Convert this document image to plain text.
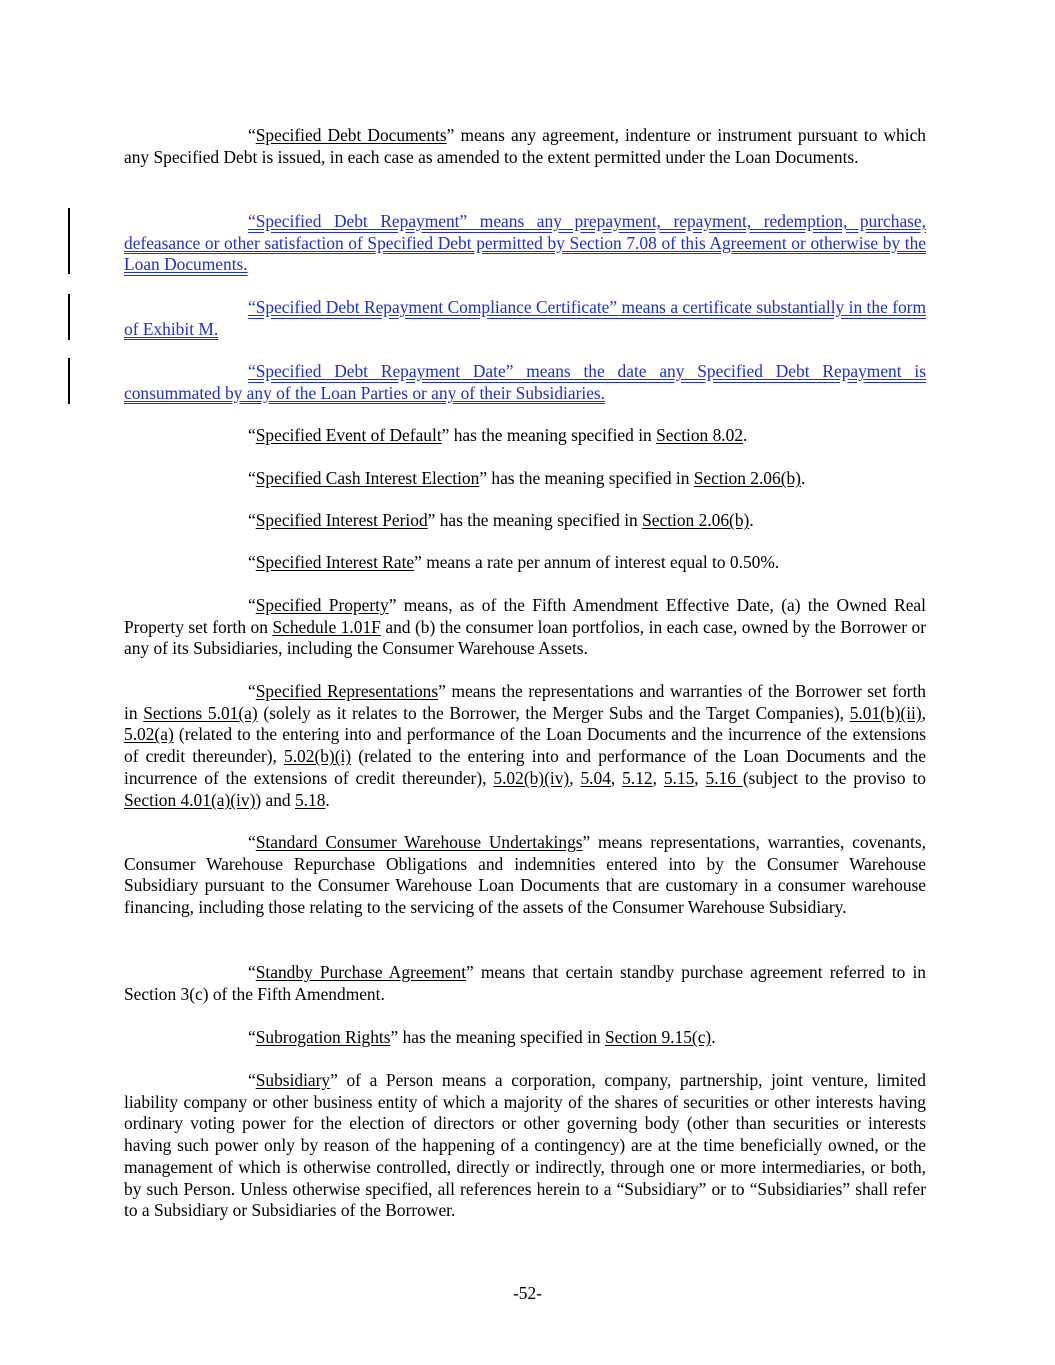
“Specified Debt Documents” means any agreement, indenture or instrument pursuant to which any Specified Debt is issued, in each case as amended to the extent permitted under the Loan Documents.

“Specified Debt Repayment” means any prepayment, repayment, redemption, purchase, defeasance or other satisfaction of Specified Debt permitted by Section 7.08 of this Agreement or otherwise by the Loan Documents.

“Specified Debt Repayment Compliance Certificate” means a certificate substantially in the form of Exhibit M.

“Specified Debt Repayment Date” means the date any Specified Debt Repayment is consummated by any of the Loan Parties or any of their Subsidiaries.

“Specified Event of Default” has the meaning specified in Section 8.02.

“Specified Cash Interest Election” has the meaning specified in Section 2.06(b).

“Specified Interest Period” has the meaning specified in Section 2.06(b).

“Specified Interest Rate” means a rate per annum of interest equal to 0.50%.

“Specified Property” means, as of the Fifth Amendment Effective Date, (a) the Owned Real Property set forth on Schedule 1.01F and (b) the consumer loan portfolios, in each case, owned by the Borrower or any of its Subsidiaries, including the Consumer Warehouse Assets.

“Specified Representations” means the representations and warranties of the Borrower set forth in Sections 5.01(a) (solely as it relates to the Borrower, the Merger Subs and the Target Companies), 5.01(b)(ii), 5.02(a) (related to the entering into and performance of the Loan Documents and the incurrence of the extensions of credit thereunder), 5.02(b)(i) (related to the entering into and performance of the Loan Documents and the incurrence of the extensions of credit thereunder), 5.02(b)(iv), 5.04, 5.12, 5.15, 5.16 (subject to the proviso to Section 4.01(a)(iv)) and 5.18.

“Standard Consumer Warehouse Undertakings” means representations, warranties, covenants, Consumer Warehouse Repurchase Obligations and indemnities entered into by the Consumer Warehouse Subsidiary pursuant to the Consumer Warehouse Loan Documents that are customary in a consumer warehouse financing, including those relating to the servicing of the assets of the Consumer Warehouse Subsidiary.

“Standby Purchase Agreement” means that certain standby purchase agreement referred to in Section 3(c) of the Fifth Amendment.

“Subrogation Rights” has the meaning specified in Section 9.15(c).

“Subsidiary” of a Person means a corporation, company, partnership, joint venture, limited liability company or other business entity of which a majority of the shares of securities or other interests having ordinary voting power for the election of directors or other governing body (other than securities or interests having such power only by reason of the happening of a contingency) are at the time beneficially owned, or the management of which is otherwise controlled, directly or indirectly, through one or more intermediaries, or both, by such Person. Unless otherwise specified, all references herein to a “Subsidiary” or to “Subsidiaries” shall refer to a Subsidiary or Subsidiaries of the Borrower.

-52-
